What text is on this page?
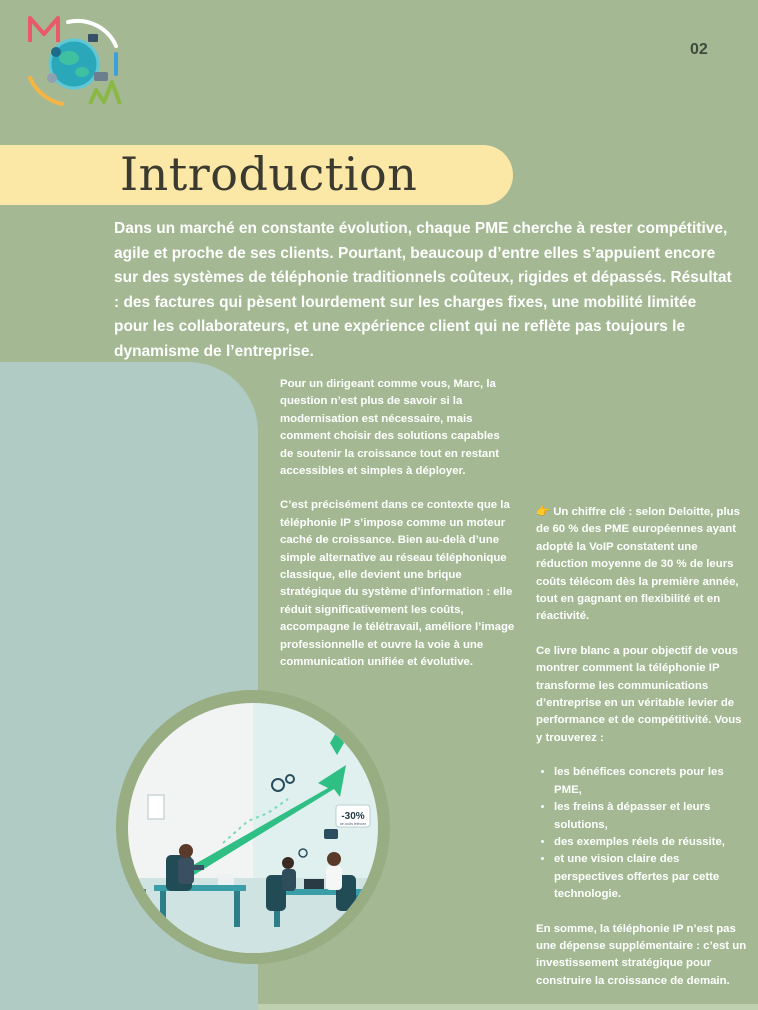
02
Introduction

Dans un marché en constante évolution, chaque PME cherche à rester compétitive, agile et proche de ses clients. Pourtant, beaucoup d’entre elles s’appuient encore sur des systèmes de téléphonie traditionnels coûteux, rigides et dépassés. Résultat : des factures qui pèsent lourdement sur les charges fixes, une mobilité limitée pour les collaborateurs, et une expérience client qui ne reflète pas toujours le dynamisme de l’entreprise.

Pour un dirigeant comme vous, Marc, la question n’est plus de savoir si la modernisation est nécessaire, mais comment choisir des solutions capables de soutenir la croissance tout en restant accessibles et simples à déployer.

C’est précisément dans ce contexte que la téléphonie IP s’impose comme un moteur caché de croissance. Bien au-delà d’une simple alternative au réseau téléphonique classique, elle devient une brique stratégique du système d’information : elle réduit significativement les coûts, accompagne le télétravail, améliore l’image professionnelle et ouvre la voie à une communication unifiée et évolutive.

👉 Un chiffre clé : selon Deloitte, plus de 60 % des PME européennes ayant adopté la VoIP constatent une réduction moyenne de 30 % de leurs coûts télécom dès la première année, tout en gagnant en flexibilité et en réactivité.

Ce livre blanc a pour objectif de vous montrer comment la téléphonie IP transforme les communications d’entreprise en un véritable levier de performance et de compétitivité. Vous y trouverez :

• les bénéfices concrets pour les PME,
• les freins à dépasser et leurs solutions,
• des exemples réels de réussite,
• et une vision claire des perspectives offertes par cette technologie.

En somme, la téléphonie IP n’est pas une dépense supplémentaire : c’est un investissement stratégique pour construire la croissance de demain.

-30%
de coûts télécom
